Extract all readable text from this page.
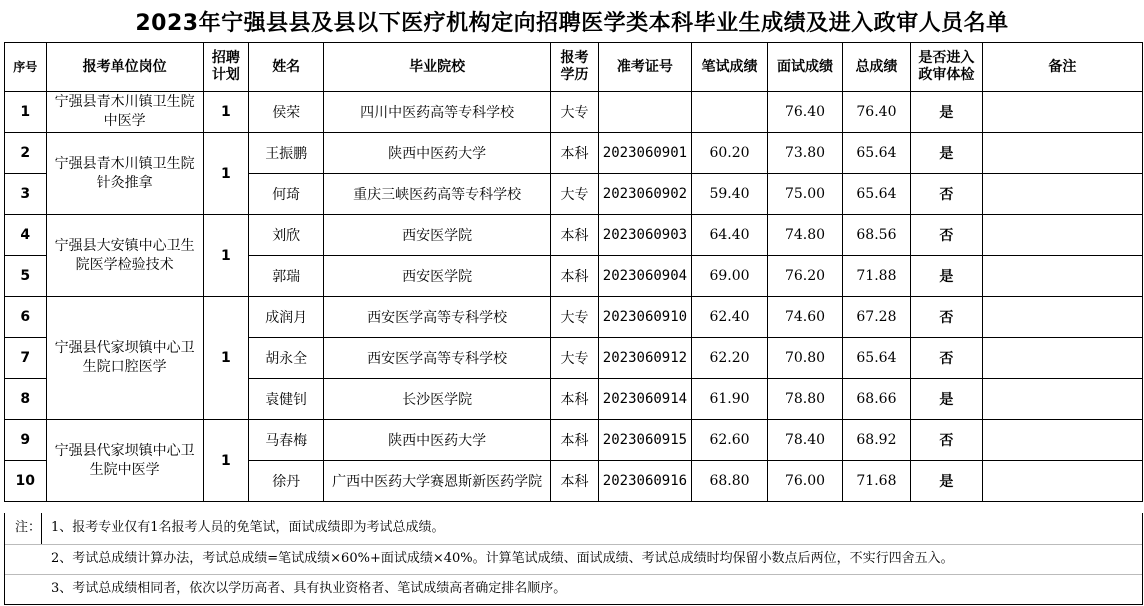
2023年宁强县县及县以下医疗机构定向招聘医学类本科毕业生成绩及进入政审人员名单
序号	报考单位岗位	招聘计划	姓名	毕业院校	报考学历	准考证号	笔试成绩	面试成绩	总成绩	是否进入政审体检	备注
1	宁强县青木川镇卫生院中医学	1	侯荣	四川中医药高等专科学校	大专			76.40	76.40	是	
2	宁强县青木川镇卫生院针灸推拿	1	王振鹏	陕西中医药大学	本科	2023060901	60.20	73.80	65.64	是	
3			何琦	重庆三峡医药高等专科学校	大专	2023060902	59.40	75.00	65.64	否	
4	宁强县大安镇中心卫生院医学检验技术	1	刘欣	西安医学院	本科	2023060903	64.40	74.80	68.56	否	
5			郭瑞	西安医学院	本科	2023060904	69.00	76.20	71.88	是	
6	宁强县代家坝镇中心卫生院口腔医学	1	成润月	西安医学高等专科学校	大专	2023060910	62.40	74.60	67.28	否	
7			胡永全	西安医学高等专科学校	大专	2023060912	62.20	70.80	65.64	否	
8			袁健钊	长沙医学院	本科	2023060914	61.90	78.80	68.66	是	
9	宁强县代家坝镇中心卫生院中医学	1	马春梅	陕西中医药大学	本科	2023060915	62.60	78.40	68.92	否	
10			徐丹	广西中医药大学赛恩斯新医药学院	本科	2023060916	68.80	76.00	71.68	是	
注： 1、报考专业仅有1名报考人员的免笔试，面试成绩即为考试总成绩。
2、考试总成绩计算办法，考试总成绩=笔试成绩×60%+面试成绩×40%。计算笔试成绩、面试成绩、考试总成绩时均保留小数点后两位，不实行四舍五入。
3、考试总成绩相同者，依次以学历高者、具有执业资格者、笔试成绩高者确定排名顺序。
